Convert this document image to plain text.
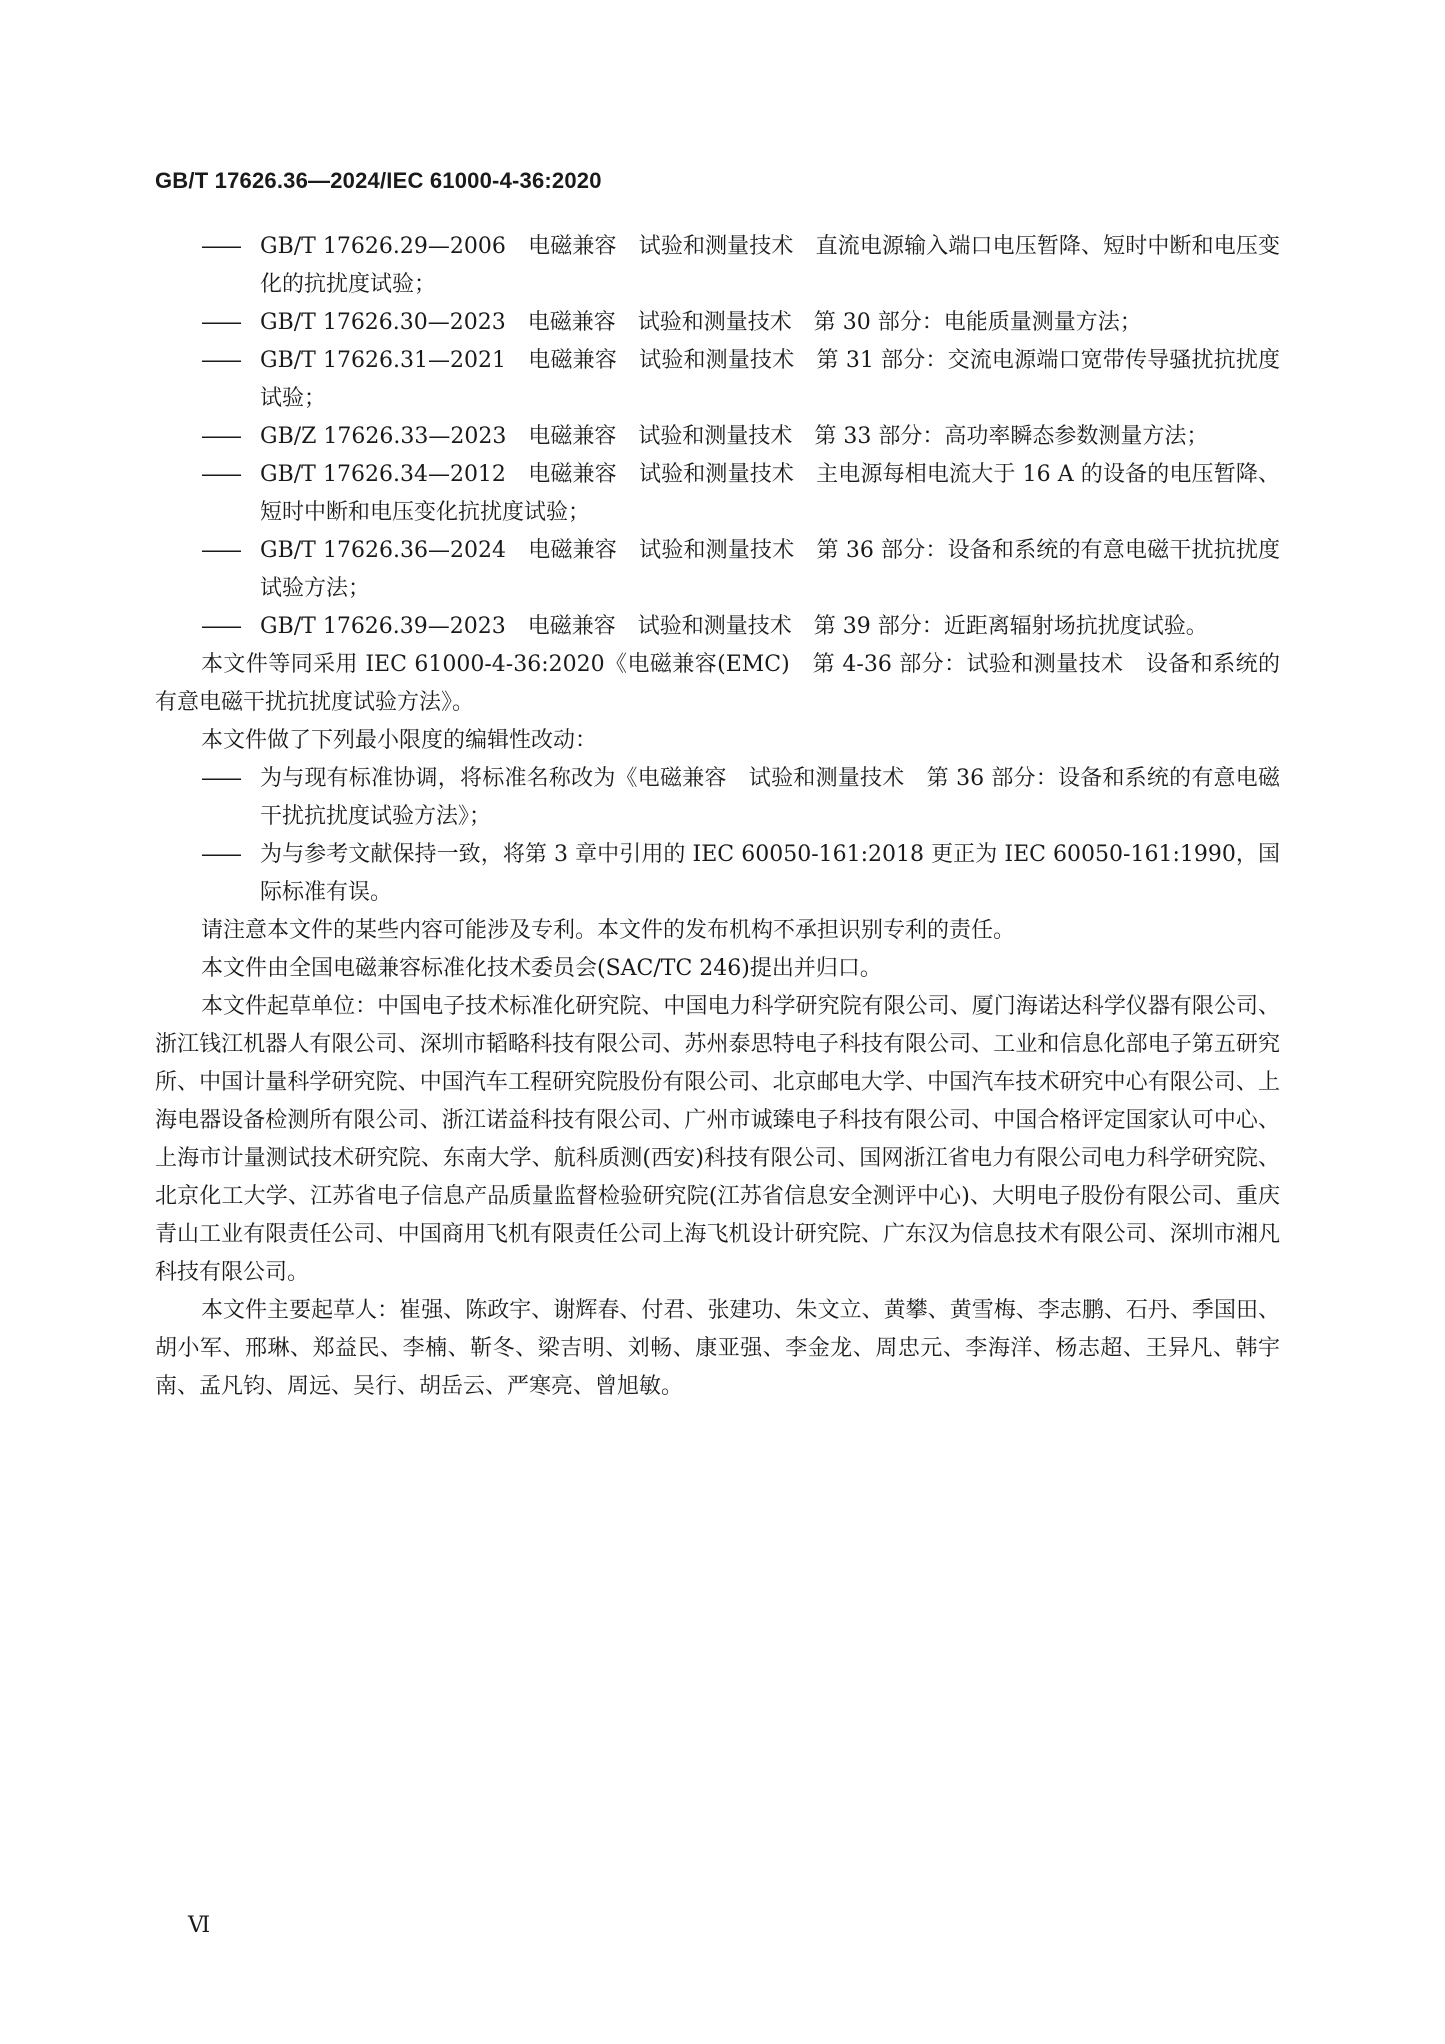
GB/T 17626.36—2024/IEC 61000-4-36:2020
—— GB/T 17626.29—2006　电磁兼容　试验和测量技术　直流电源输入端口电压暂降、短时中断和电压变化的抗扰度试验；
—— GB/T 17626.30—2023　电磁兼容　试验和测量技术　第 30 部分：电能质量测量方法；
—— GB/T 17626.31—2021　电磁兼容　试验和测量技术　第 31 部分：交流电源端口宽带传导骚扰抗扰度试验；
—— GB/Z 17626.33—2023　电磁兼容　试验和测量技术　第 33 部分：高功率瞬态参数测量方法；
—— GB/T 17626.34—2012　电磁兼容　试验和测量技术　主电源每相电流大于 16 A 的设备的电压暂降、短时中断和电压变化抗扰度试验；
—— GB/T 17626.36—2024　电磁兼容　试验和测量技术　第 36 部分：设备和系统的有意电磁干扰抗扰度试验方法；
—— GB/T 17626.39—2023　电磁兼容　试验和测量技术　第 39 部分：近距离辐射场抗扰度试验。

本文件等同采用 IEC 61000-4-36:2020《电磁兼容(EMC)　第 4-36 部分：试验和测量技术　设备和系统的有意电磁干扰抗扰度试验方法》。

本文件做了下列最小限度的编辑性改动：

—— 为与现有标准协调，将标准名称改为《电磁兼容　试验和测量技术　第 36 部分：设备和系统的有意电磁干扰抗扰度试验方法》；
—— 为与参考文献保持一致，将第 3 章中引用的 IEC 60050-161:2018 更正为 IEC 60050-161:1990，国际标准有误。

请注意本文件的某些内容可能涉及专利。本文件的发布机构不承担识别专利的责任。

本文件由全国电磁兼容标准化技术委员会(SAC/TC 246)提出并归口。

本文件起草单位：中国电子技术标准化研究院、中国电力科学研究院有限公司、厦门海诺达科学仪器有限公司、浙江钱江机器人有限公司、深圳市韬略科技有限公司、苏州泰思特电子科技有限公司、工业和信息化部电子第五研究所、中国计量科学研究院、中国汽车工程研究院股份有限公司、北京邮电大学、中国汽车技术研究中心有限公司、上海电器设备检测所有限公司、浙江诺益科技有限公司、广州市诚臻电子科技有限公司、中国合格评定国家认可中心、上海市计量测试技术研究院、东南大学、航科质测(西安)科技有限公司、国网浙江省电力有限公司电力科学研究院、北京化工大学、江苏省电子信息产品质量监督检验研究院(江苏省信息安全测评中心)、大明电子股份有限公司、重庆青山工业有限责任公司、中国商用飞机有限责任公司上海飞机设计研究院、广东汉为信息技术有限公司、深圳市湘凡科技有限公司。

本文件主要起草人：崔强、陈政宇、谢辉春、付君、张建功、朱文立、黄攀、黄雪梅、李志鹏、石丹、季国田、胡小军、邢琳、郑益民、李楠、靳冬、梁吉明、刘畅、康亚强、李金龙、周忠元、李海洋、杨志超、王异凡、韩宇南、孟凡钧、周远、吴行、胡岳云、严寒亮、曾旭敏。

Ⅵ
